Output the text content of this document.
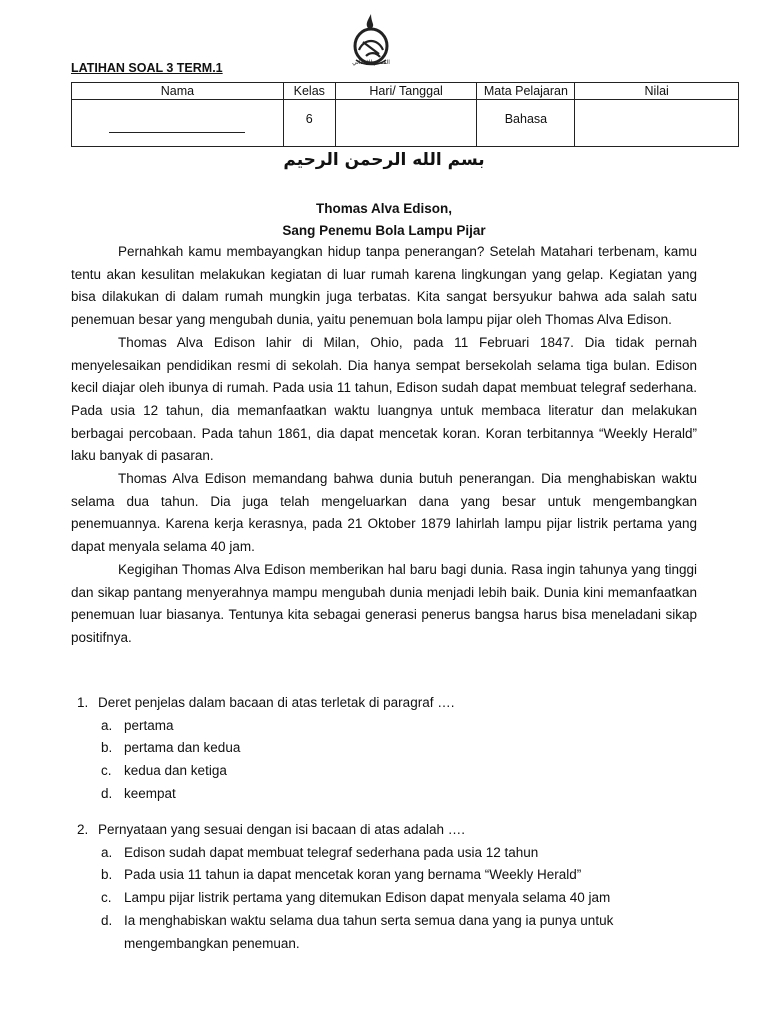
القسم الابتدائي
LATIHAN SOAL 3 TERM.1
Nama	Kelas	Hari/ Tanggal	Mata Pelajaran	Nilai

	6		Bahasa	
بسم الله الرحمن الرحيم
Thomas Alva Edison,
Sang Penemu Bola Lampu Pijar

Pernahkah kamu membayangkan hidup tanpa penerangan? Setelah Matahari terbenam, kamu tentu akan kesulitan melakukan kegiatan di luar rumah karena lingkungan yang gelap. Kegiatan yang bisa dilakukan di dalam rumah mungkin juga terbatas. Kita sangat bersyukur bahwa ada salah satu penemuan besar yang mengubah dunia, yaitu penemuan bola lampu pijar oleh Thomas Alva Edison.

Thomas Alva Edison lahir di Milan, Ohio, pada 11 Februari 1847. Dia tidak pernah menyelesaikan pendidikan resmi di sekolah. Dia hanya sempat bersekolah selama tiga bulan. Edison kecil diajar oleh ibunya di rumah. Pada usia 11 tahun, Edison sudah dapat membuat telegraf sederhana. Pada usia 12 tahun, dia memanfaatkan waktu luangnya untuk membaca literatur dan melakukan berbagai percobaan. Pada tahun 1861, dia dapat mencetak koran. Koran terbitannya “Weekly Herald” laku banyak di pasaran.

Thomas Alva Edison memandang bahwa dunia butuh penerangan. Dia menghabiskan waktu selama dua tahun. Dia juga telah mengeluarkan dana yang besar untuk mengembangkan penemuannya. Karena kerja kerasnya, pada 21 Oktober 1879 lahirlah lampu pijar listrik pertama yang dapat menyala selama 40 jam.

Kegigihan Thomas Alva Edison memberikan hal baru bagi dunia. Rasa ingin tahunya yang tinggi dan sikap pantang menyerahnya mampu mengubah dunia menjadi lebih baik. Dunia kini memanfaatkan penemuan luar biasanya. Tentunya kita sebagai generasi penerus bangsa harus bisa meneladani sikap positifnya.

1. Deret penjelas dalam bacaan di atas terletak di paragraf ….
a. pertama
b. pertama dan kedua
c. kedua dan ketiga
d. keempat
2. Pernyataan yang sesuai dengan isi bacaan di atas adalah ….
a. Edison sudah dapat membuat telegraf sederhana pada usia 12 tahun
b. Pada usia 11 tahun ia dapat mencetak koran yang bernama “Weekly Herald”
c. Lampu pijar listrik pertama yang ditemukan Edison dapat menyala selama 40 jam
d. Ia menghabiskan waktu selama dua tahun serta semua dana yang ia punya untuk mengembangkan penemuan.
